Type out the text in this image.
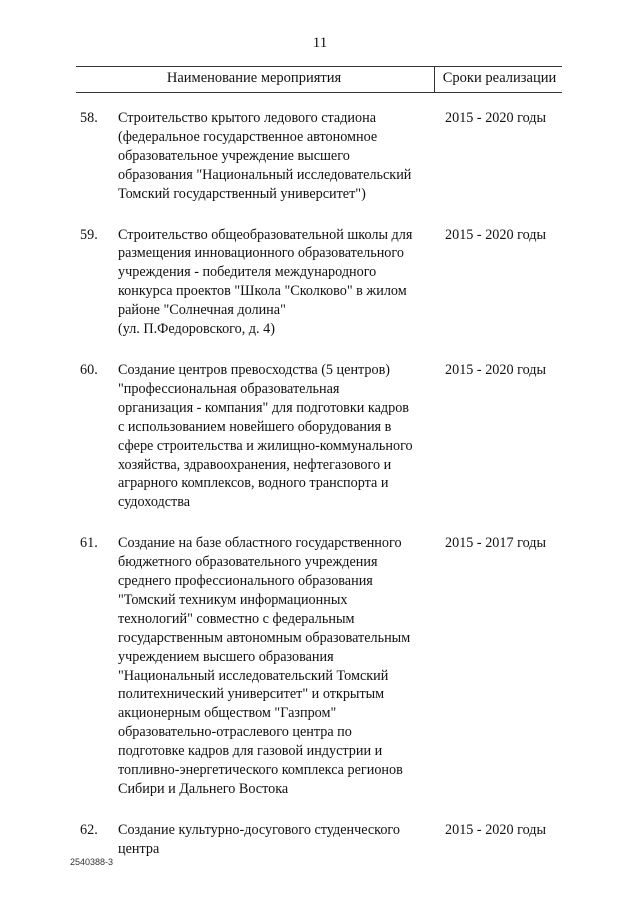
11
Наименование мероприятия	Сроки реализации
58. Строительство крытого ледового стадиона
(федеральное государственное автономное
образовательное учреждение высшего
образования "Национальный исследовательский
Томский государственный университет")
2015 - 2020 годы
59. Строительство общеобразовательной школы для
размещения инновационного образовательного
учреждения - победителя международного
конкурса проектов "Школа "Сколково" в жилом
районе "Солнечная долина"
(ул. П.Федоровского, д. 4)
2015 - 2020 годы
60. Создание центров превосходства (5 центров)
"профессиональная образовательная
организация - компания" для подготовки кадров
с использованием новейшего оборудования в
сфере строительства и жилищно-коммунального
хозяйства, здравоохранения, нефтегазового и
аграрного комплексов, водного транспорта и
судоходства
2015 - 2020 годы
61. Создание на базе областного государственного
бюджетного образовательного учреждения
среднего профессионального образования
"Томский техникум информационных
технологий" совместно с федеральным
государственным автономным образовательным
учреждением высшего образования
"Национальный исследовательский Томский
политехнический университет" и открытым
акционерным обществом "Газпром"
образовательно-отраслевого центра по
подготовке кадров для газовой индустрии и
топливно-энергетического комплекса регионов
Сибири и Дальнего Востока
2015 - 2017 годы
62. Создание культурно-досугового студенческого
центра
2015 - 2020 годы
2540388-3
